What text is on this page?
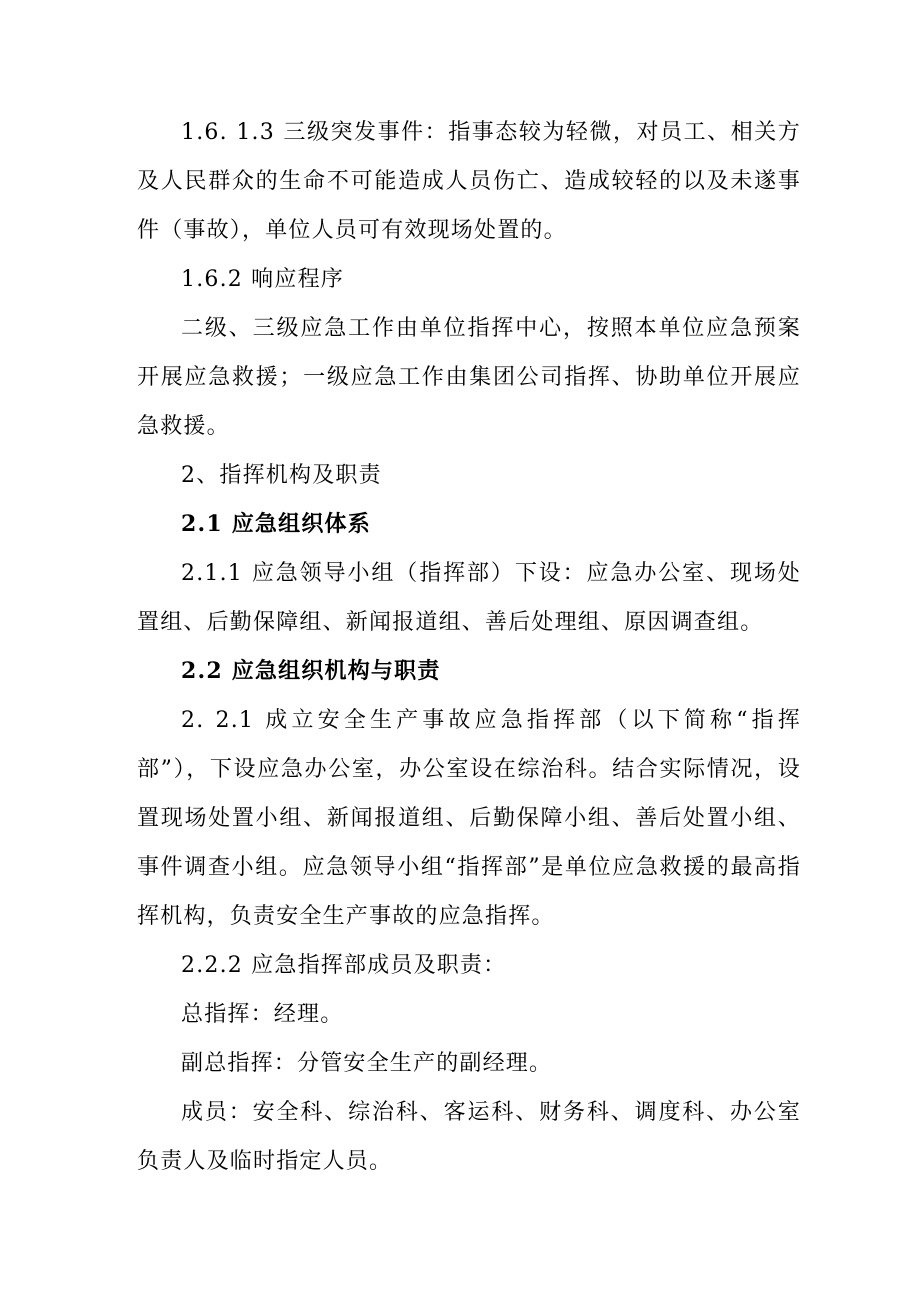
1.6. 1.3 三级突发事件：指事态较为轻微，对员工、相关方及人民群众的生命不可能造成人员伤亡、造成较轻的以及未遂事件（事故），单位人员可有效现场处置的。

1.6.2 响应程序

二级、三级应急工作由单位指挥中心，按照本单位应急预案开展应急救援；一级应急工作由集团公司指挥、协助单位开展应急救援。

2、指挥机构及职责

2.1 应急组织体系

2.1.1 应急领导小组（指挥部）下设：应急办公室、现场处置组、后勤保障组、新闻报道组、善后处理组、原因调查组。

2.2 应急组织机构与职责

2. 2.1 成立安全生产事故应急指挥部（以下简称“指挥部”），下设应急办公室，办公室设在综治科。结合实际情况，设置现场处置小组、新闻报道组、后勤保障小组、善后处置小组、事件调查小组。应急领导小组“指挥部”是单位应急救援的最高指挥机构，负责安全生产事故的应急指挥。

2.2.2 应急指挥部成员及职责：

总指挥：经理。

副总指挥：分管安全生产的副经理。

成员：安全科、综治科、客运科、财务科、调度科、办公室负责人及临时指定人员。
